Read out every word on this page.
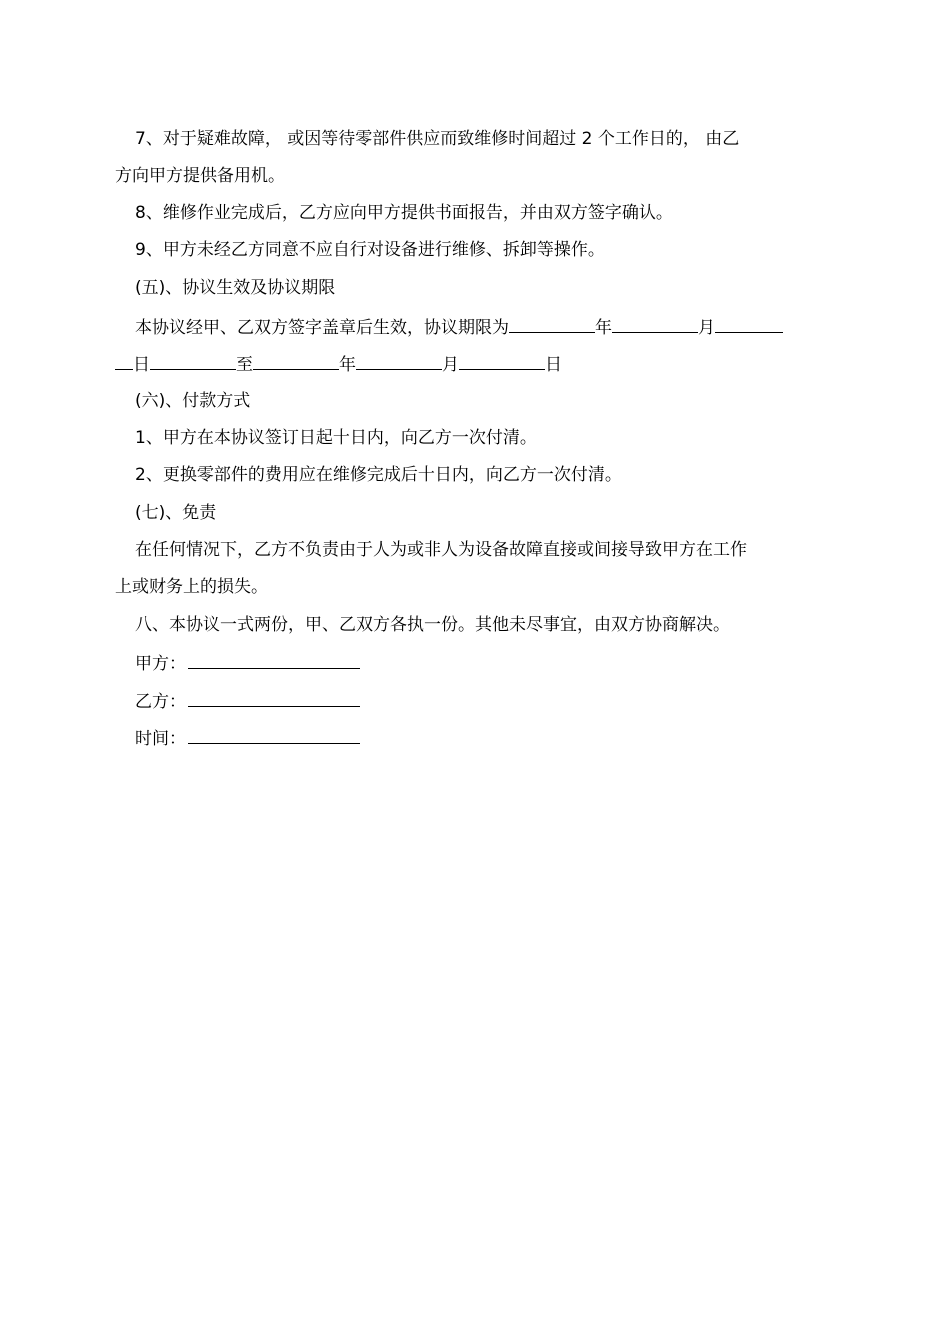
7、对于疑难故障， 或因等待零部件供应而致维修时间超过 2 个工作日的， 由乙
方向甲方提供备用机。
8、维修作业完成后，乙方应向甲方提供书面报告，并由双方签字确认。
9、甲方未经乙方同意不应自行对设备进行维修、拆卸等操作。
(五)、协议生效及协议期限
本协议经甲、乙双方签字盖章后生效，协议期限为	年	月
日	至	年	月	日
(六)、付款方式
1、甲方在本协议签订日起十日内，向乙方一次付清。
2、更换零部件的费用应在维修完成后十日内，向乙方一次付清。
(七)、免责
在任何情况下，乙方不负责由于人为或非人为设备故障直接或间接导致甲方在工作
上或财务上的损失。
八、本协议一式两份，甲、乙双方各执一份。其他未尽事宜，由双方协商解决。
甲方：
乙方：
时间：
